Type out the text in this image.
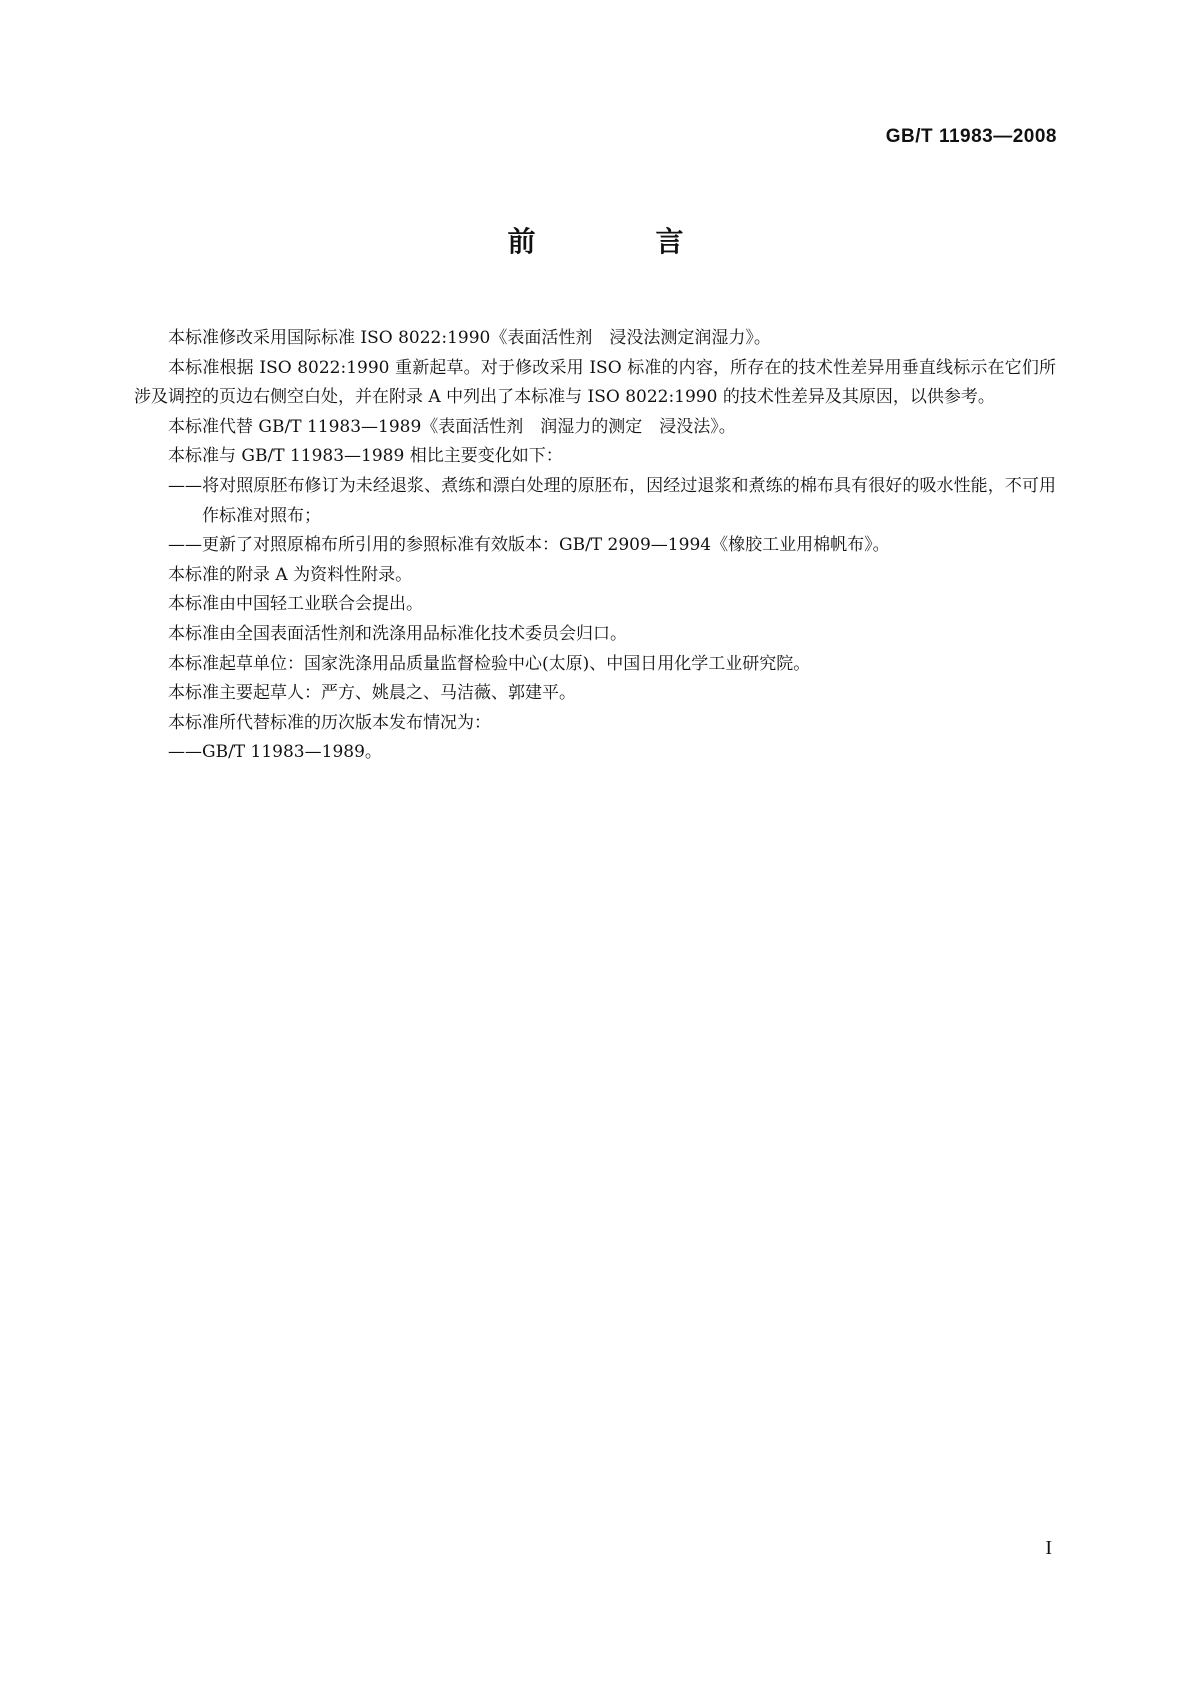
GB/T 11983—2008
前　言

本标准修改采用国际标准 ISO 8022:1990《表面活性剂　浸没法测定润湿力》。

本标准根据 ISO 8022:1990 重新起草。对于修改采用 ISO 标准的内容，所存在的技术性差异用垂直线标示在它们所涉及调控的页边右侧空白处，并在附录 A 中列出了本标准与 ISO 8022:1990 的技术性差异及其原因，以供参考。

本标准代替 GB/T 11983—1989《表面活性剂　润湿力的测定　浸没法》。

本标准与 GB/T 11983—1989 相比主要变化如下：

——将对照原胚布修订为未经退浆、煮练和漂白处理的原胚布，因经过退浆和煮练的棉布具有很好的吸水性能，不可用作标准对照布；

——更新了对照原棉布所引用的参照标准有效版本：GB/T 2909—1994《橡胶工业用棉帆布》。

本标准的附录 A 为资料性附录。

本标准由中国轻工业联合会提出。

本标准由全国表面活性剂和洗涤用品标准化技术委员会归口。

本标准起草单位：国家洗涤用品质量监督检验中心(太原)、中国日用化学工业研究院。

本标准主要起草人：严方、姚晨之、马洁薇、郭建平。

本标准所代替标准的历次版本发布情况为：

——GB/T 11983—1989。

I
